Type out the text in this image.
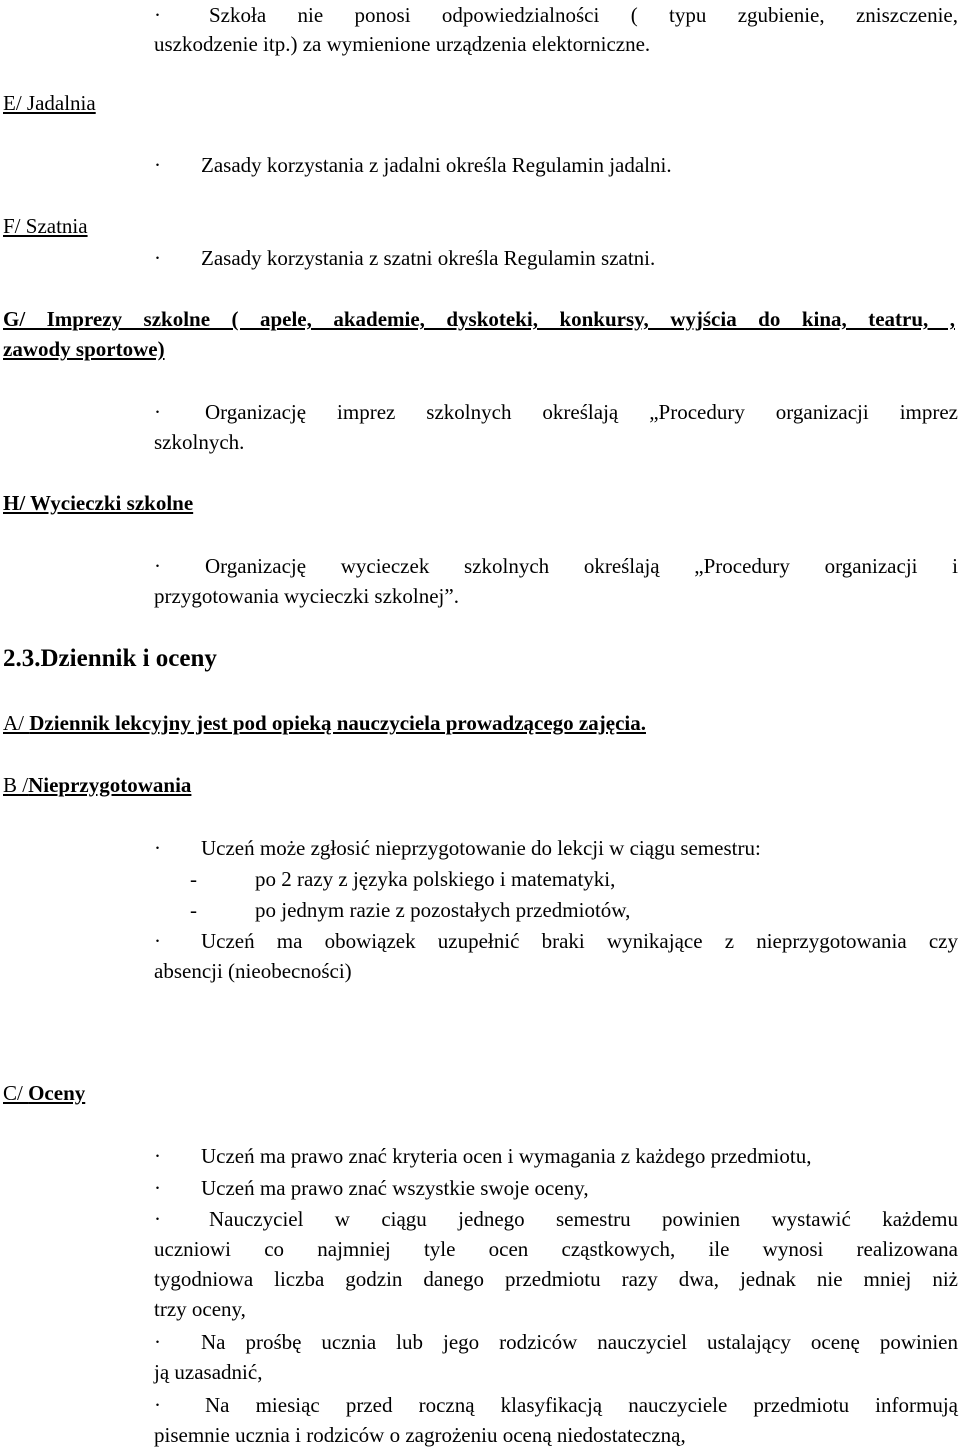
· Szkoła nie ponosi odpowiedzialności ( typu zgubienie, zniszczenie,
uszkodzenie itp.) za wymienione urządzenia elektorniczne.
E/ Jadalnia
· Zasady korzystania z jadalni określa Regulamin jadalni.
F/ Szatnia
· Zasady korzystania z szatni określa Regulamin szatni.
G/ Imprezy szkolne ( apele, akademie, dyskoteki, konkursy, wyjścia do kina, teatru, ,
zawody sportowe)
· Organizację imprez szkolnych określają „Procedury organizacji imprez
szkolnych.
H/ Wycieczki szkolne
· Organizację wycieczek szkolnych określają „Procedury organizacji i
przygotowania wycieczki szkolnej”.
2.3.Dziennik i oceny
A/ Dziennik lekcyjny jest pod opieką nauczyciela prowadzącego zajęcia.
B /Nieprzygotowania
· Uczeń może zgłosić nieprzygotowanie do lekcji w ciągu semestru:
-	po 2 razy z języka polskiego i matematyki,
-	po jednym razie z pozostałych przedmiotów,
· Uczeń ma obowiązek uzupełnić braki wynikające z nieprzygotowania czy
absencji (nieobecności)
C/ Oceny
· Uczeń ma prawo znać kryteria ocen i wymagania z każdego przedmiotu,
· Uczeń ma prawo znać wszystkie swoje oceny,
· Nauczyciel w ciągu jednego semestru powinien wystawić każdemu
uczniowi co najmniej tyle ocen cząstkowych, ile wynosi realizowana
tygodniowa liczba godzin danego przedmiotu razy dwa, jednak nie mniej niż
trzy oceny,
· Na prośbę ucznia lub jego rodziców nauczyciel ustalający ocenę powinien
ją uzasadnić,
· Na miesiąc przed roczną klasyfikacją nauczyciele przedmiotu informują
pisemnie ucznia i rodziców o zagrożeniu oceną niedostateczną,
